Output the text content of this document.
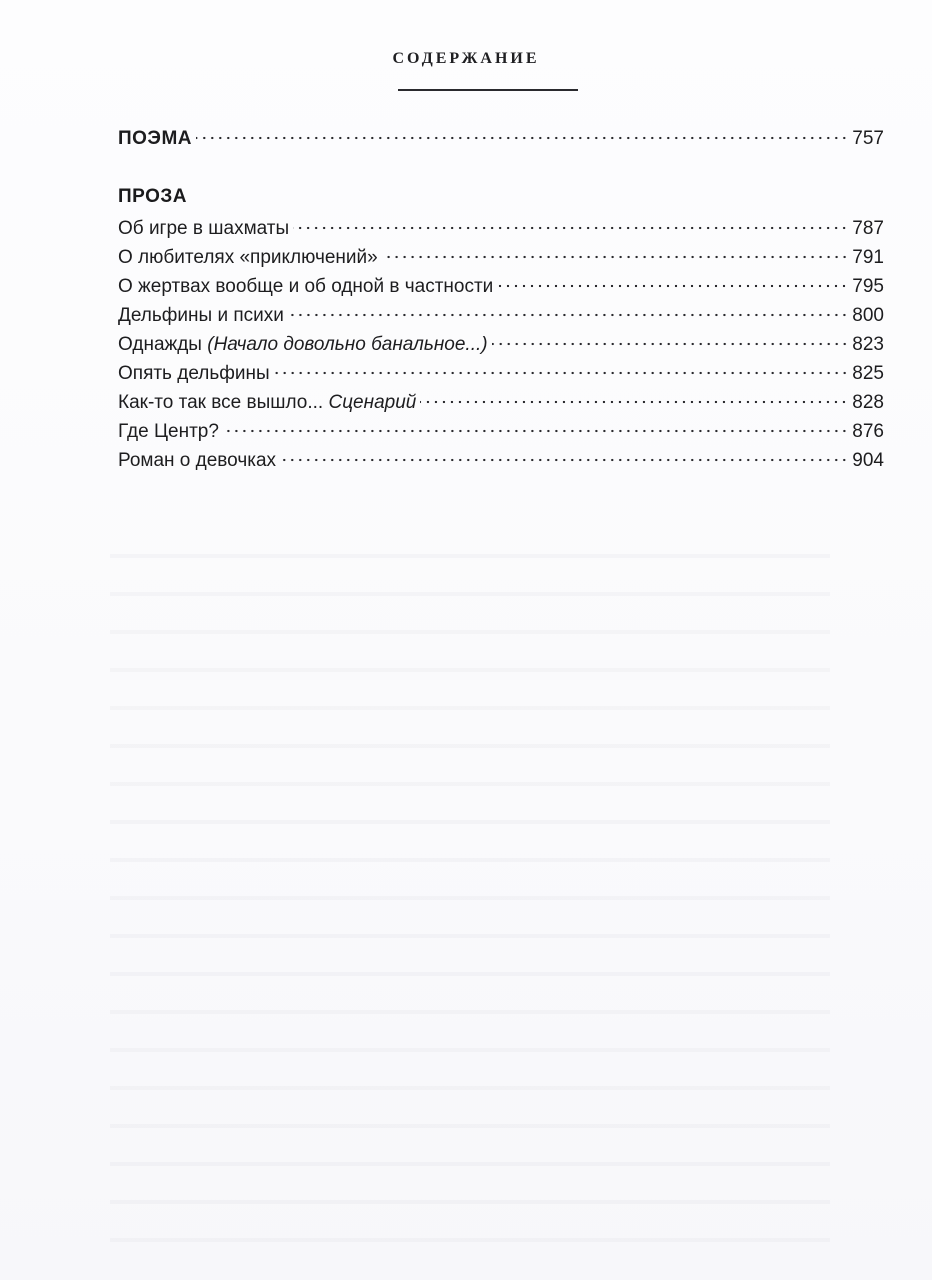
СОДЕРЖАНИЕ
ПОЭМА	757
ПРОЗА
Об игре в шахматы	787
О любителях «приключений»	791
О жертвах вообще и об одной в частности	795
Дельфины и психи	800
Однажды (Начало довольно банальное...)	823
Опять дельфины	825
Как-то так все вышло... Сценарий	828
Где Центр?	876
Роман о девочках	904
